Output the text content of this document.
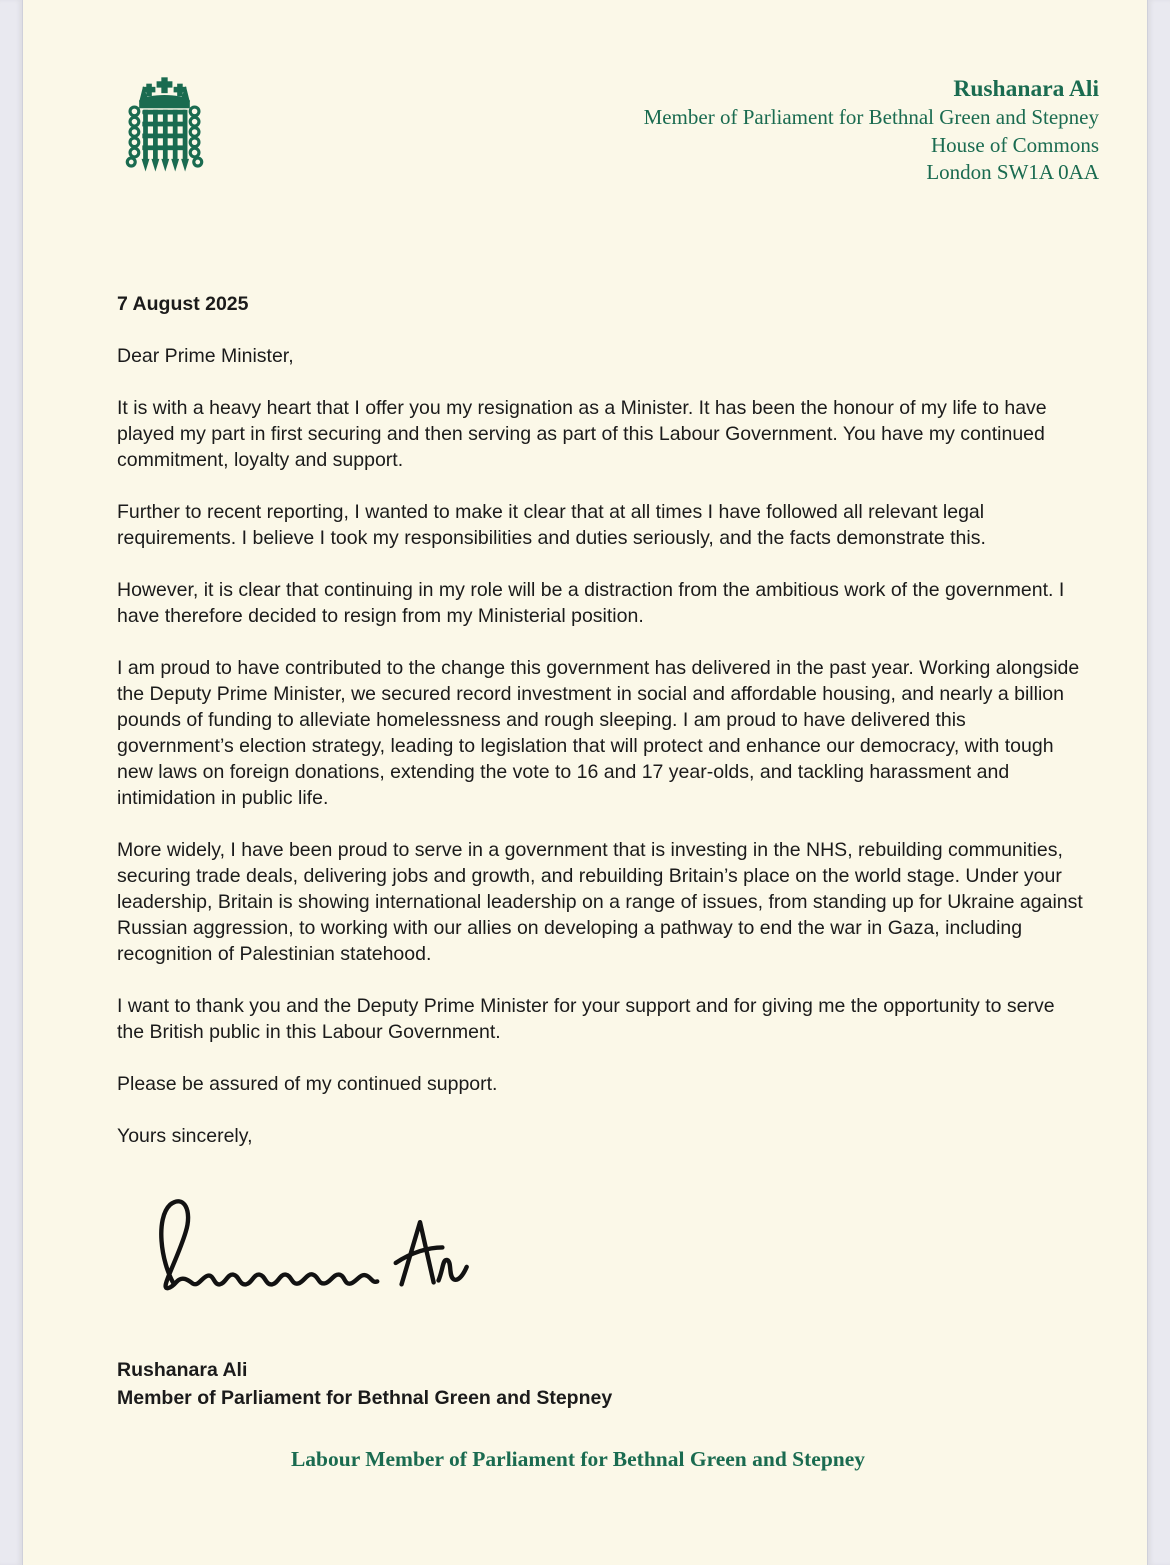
Rushanara Ali
Member of Parliament for Bethnal Green and Stepney
House of Commons
London SW1A 0AA
7 August 2025
Dear Prime Minister,

It is with a heavy heart that I offer you my resignation as a Minister. It has been the honour of my life to have played my part in first securing and then serving as part of this Labour Government. You have my continued commitment, loyalty and support.

Further to recent reporting, I wanted to make it clear that at all times I have followed all relevant legal requirements. I believe I took my responsibilities and duties seriously, and the facts demonstrate this.

However, it is clear that continuing in my role will be a distraction from the ambitious work of the government. I have therefore decided to resign from my Ministerial position.

I am proud to have contributed to the change this government has delivered in the past year. Working alongside the Deputy Prime Minister, we secured record investment in social and affordable housing, and nearly a billion pounds of funding to alleviate homelessness and rough sleeping. I am proud to have delivered this government’s election strategy, leading to legislation that will protect and enhance our democracy, with tough new laws on foreign donations, extending the vote to 16 and 17 year-olds, and tackling harassment and intimidation in public life.

More widely, I have been proud to serve in a government that is investing in the NHS, rebuilding communities, securing trade deals, delivering jobs and growth, and rebuilding Britain’s place on the world stage. Under your leadership, Britain is showing international leadership on a range of issues, from standing up for Ukraine against Russian aggression, to working with our allies on developing a pathway to end the war in Gaza, including recognition of Palestinian statehood.

I want to thank you and the Deputy Prime Minister for your support and for giving me the opportunity to serve the British public in this Labour Government.

Please be assured of my continued support.

Yours sincerely,
Rushanara Ali
Member of Parliament for Bethnal Green and Stepney
Labour Member of Parliament for Bethnal Green and Stepney
